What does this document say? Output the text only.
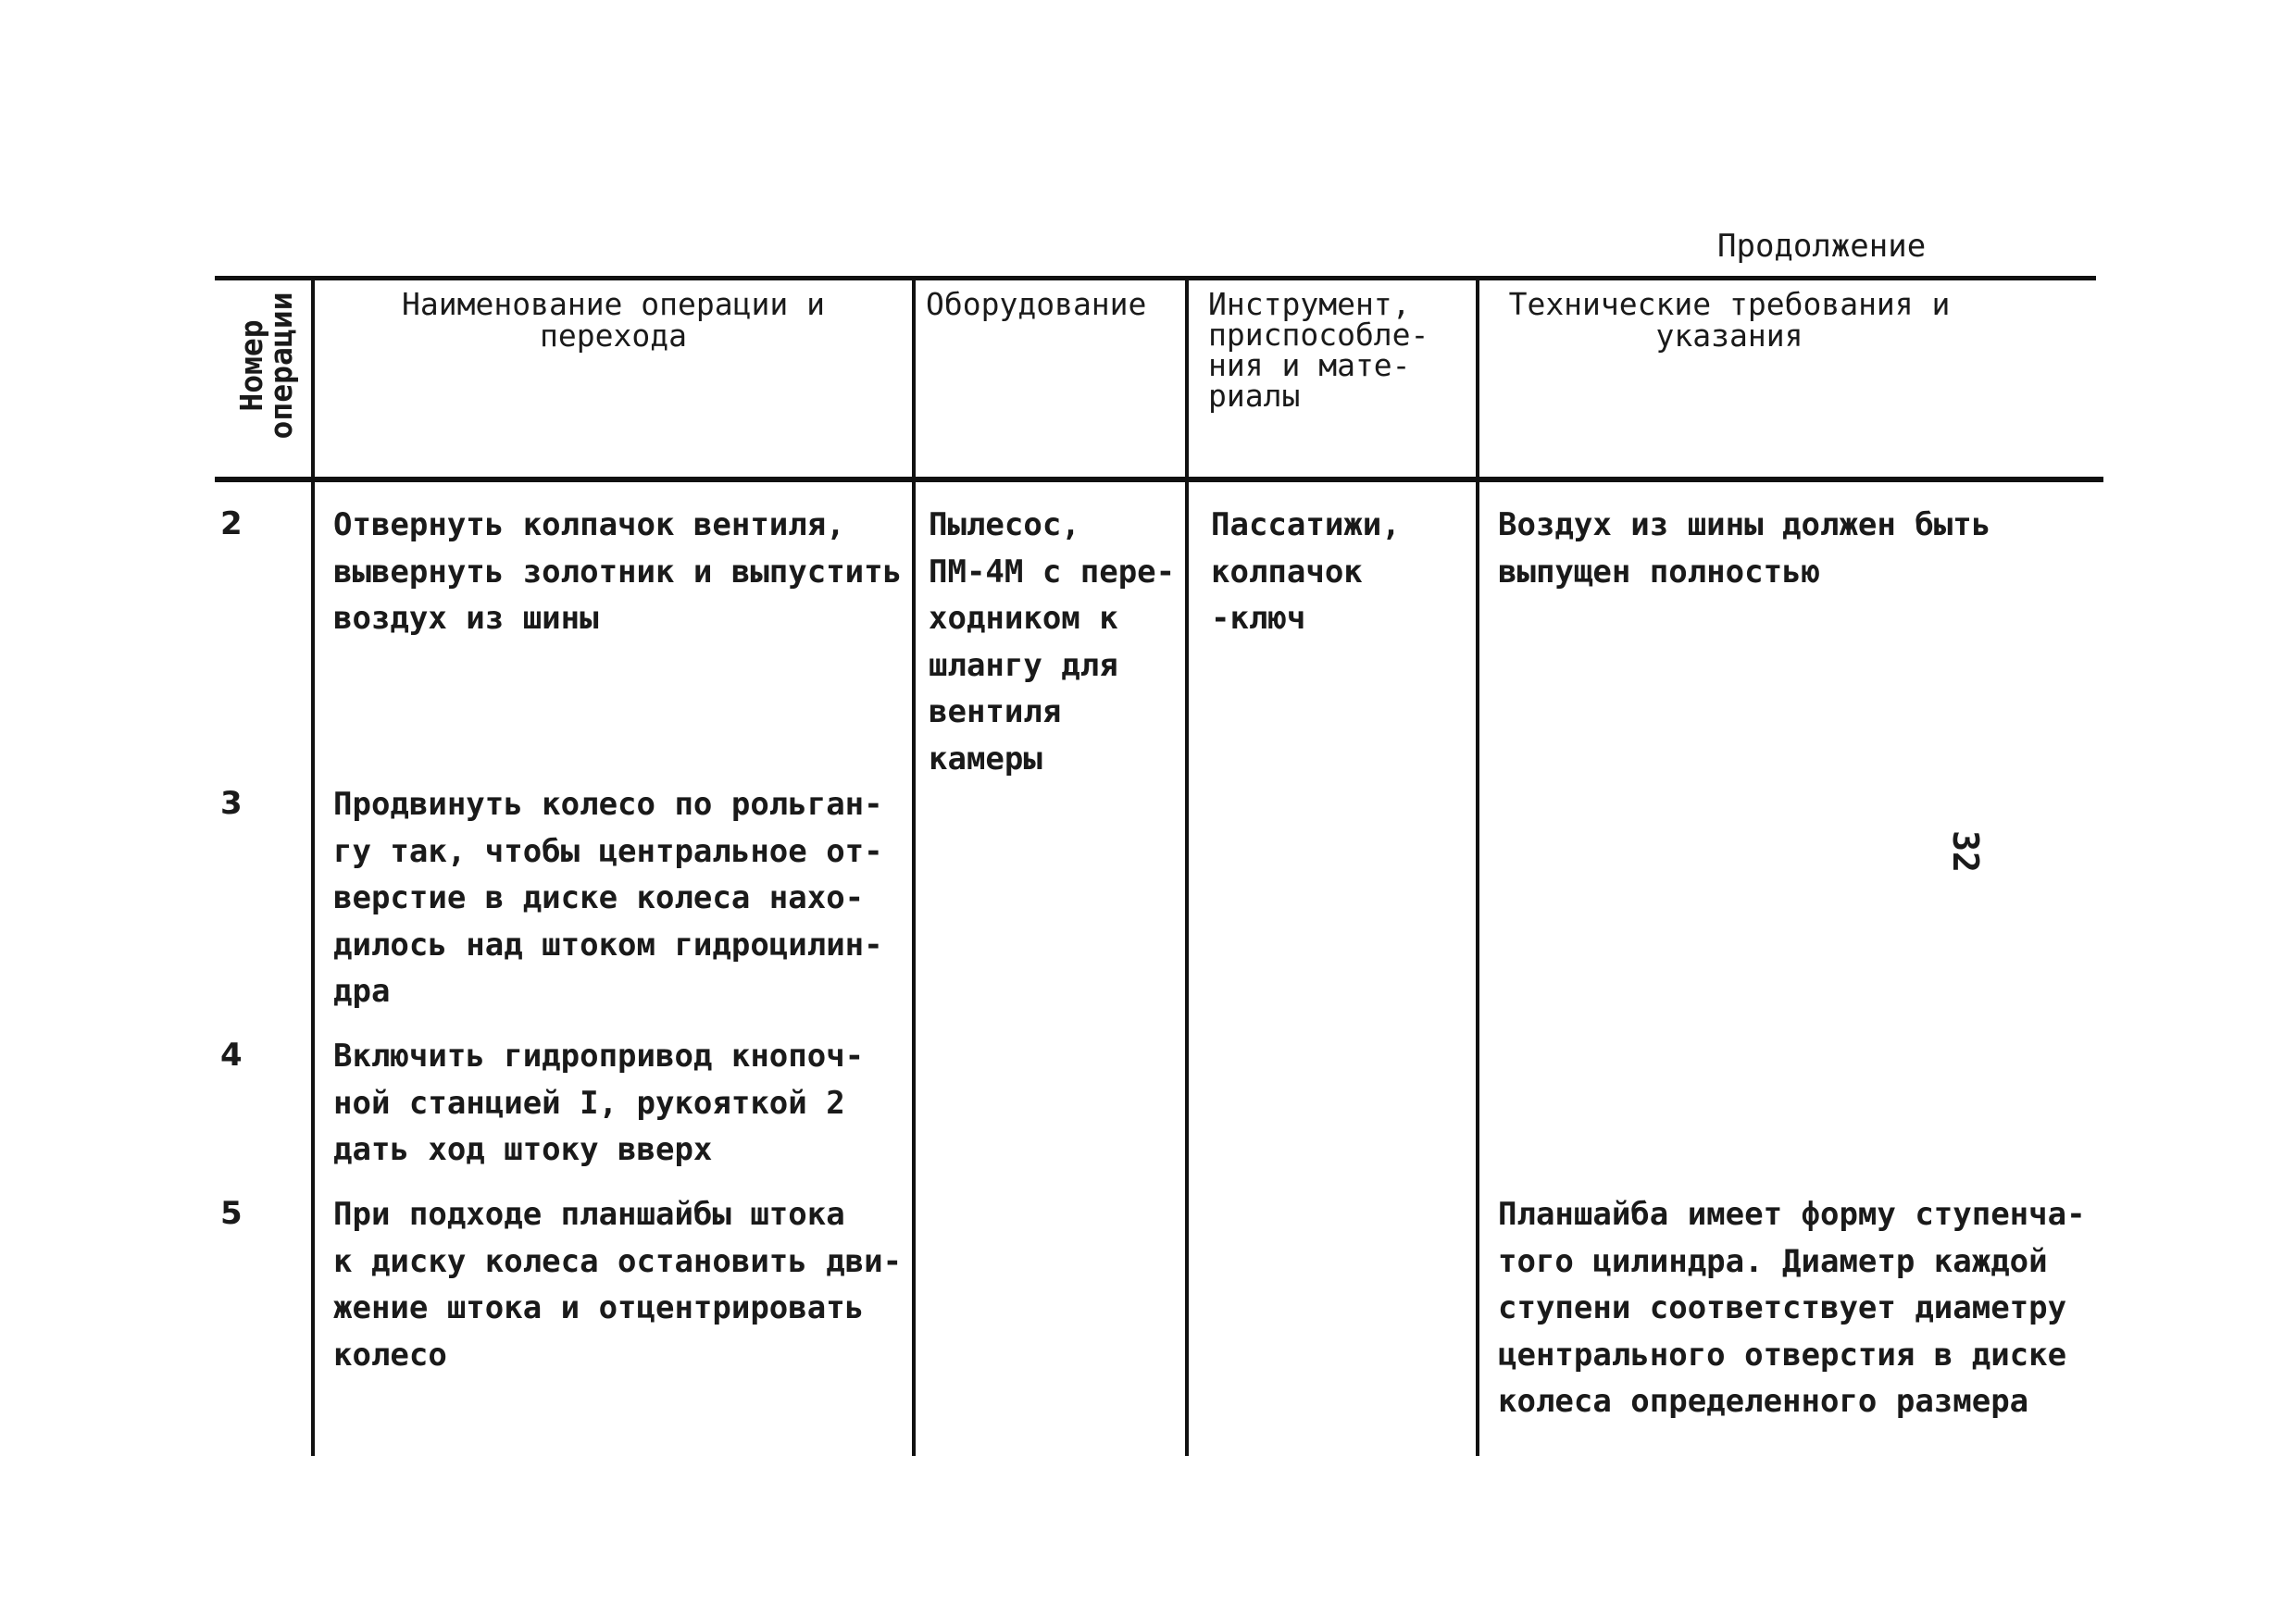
Продолжение
Номер
операции	Наименование операции и
перехода
Оборудование Инструмент,
приспособле-
ния и мате-
риалы
Технические требования и
указания
2
3
4
5
Отвернуть колпачок вентиля,
вывернуть золотник и выпустить
воздух из шины
Пылесос,
ПМ-4М с пере-
ходником к
шлангу для
вентиля
камеры
Пассатижи,
колпачок
-ключ
Воздух из шины должен быть
выпущен полностью
Продвинуть колесо по рольган-
гу так, чтобы центральное от-
верстие в диске колеса нахо-
дилось над штоком гидроцилин-
дра
Включить гидропривод кнопоч-
ной станцией I, рукояткой 2
дать ход штоку вверх
При подходе планшайбы штока
к диску колеса остановить дви-
жение штока и отцентрировать
колесо
Планшайба имеет форму ступенча-
того цилиндра. Диаметр каждой
ступени соответствует диаметру
центрального отверстия в диске
колеса определенного размера
32
